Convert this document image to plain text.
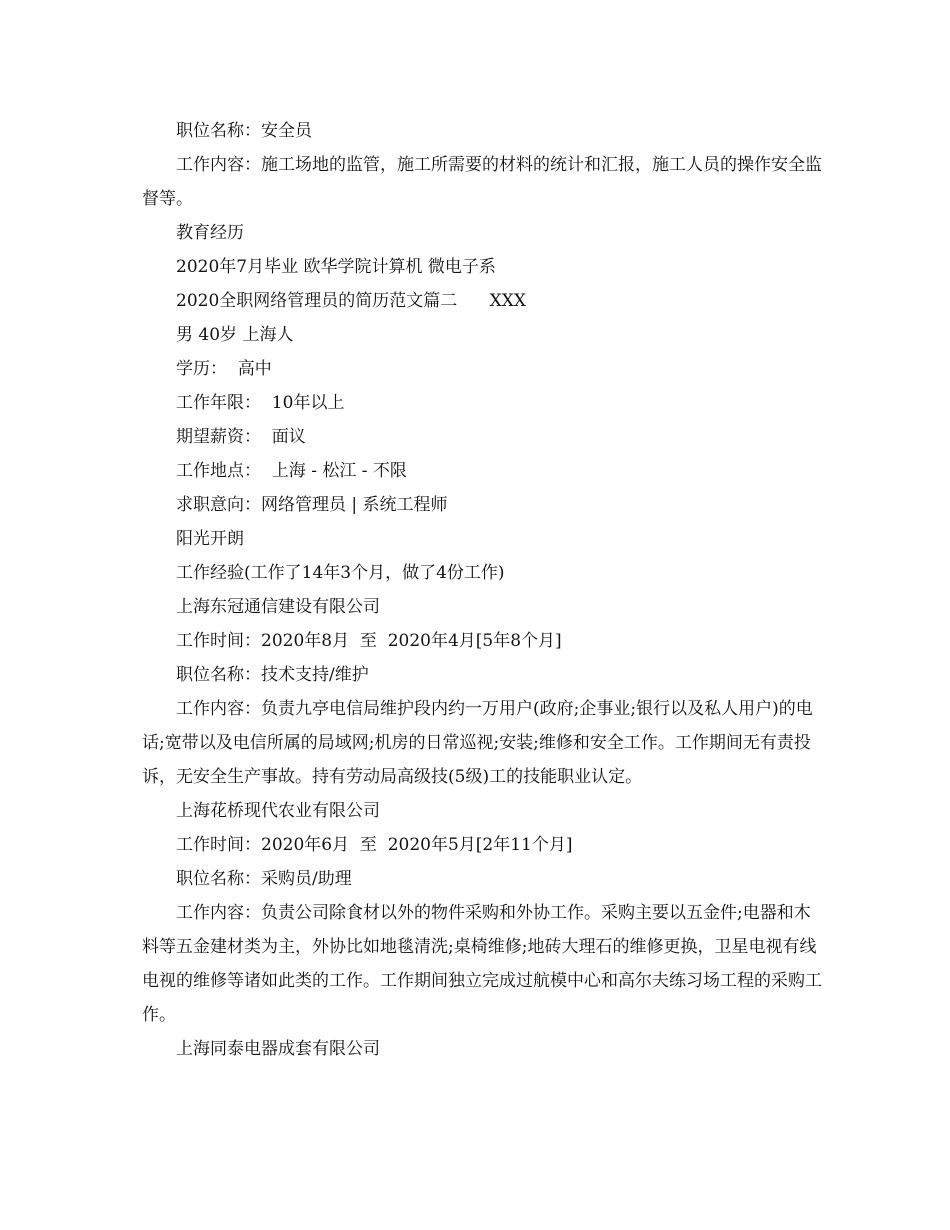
职位名称：安全员

工作内容：施工场地的监管，施工所需要的材料的统计和汇报，施工人员的操作安全监督等。

教育经历

2020年7月毕业 欧华学院计算机 微电子系

2020全职网络管理员的简历范文篇二      XXX

男 40岁 上海人

学历：  高中

工作年限：  10年以上

期望薪资：  面议

工作地点：  上海 - 松江 - 不限

求职意向：网络管理员 | 系统工程师

阳光开朗

工作经验(工作了14年3个月，做了4份工作)

上海东冠通信建设有限公司

工作时间：2020年8月  至  2020年4月[5年8个月]

职位名称：技术支持/维护

工作内容：负责九亭电信局维护段内约一万用户(政府;企事业;银行以及私人用户)的电话;宽带以及电信所属的局域网;机房的日常巡视;安装;维修和安全工作。工作期间无有责投诉，无安全生产事故。持有劳动局高级技(5级)工的技能职业认定。

上海花桥现代农业有限公司

工作时间：2020年6月  至  2020年5月[2年11个月]

职位名称：采购员/助理

工作内容：负责公司除食材以外的物件采购和外协工作。采购主要以五金件;电器和木料等五金建材类为主，外协比如地毯清洗;桌椅维修;地砖大理石的维修更换，卫星电视有线电视的维修等诸如此类的工作。工作期间独立完成过航模中心和高尔夫练习场工程的采购工作。

上海同泰电器成套有限公司
